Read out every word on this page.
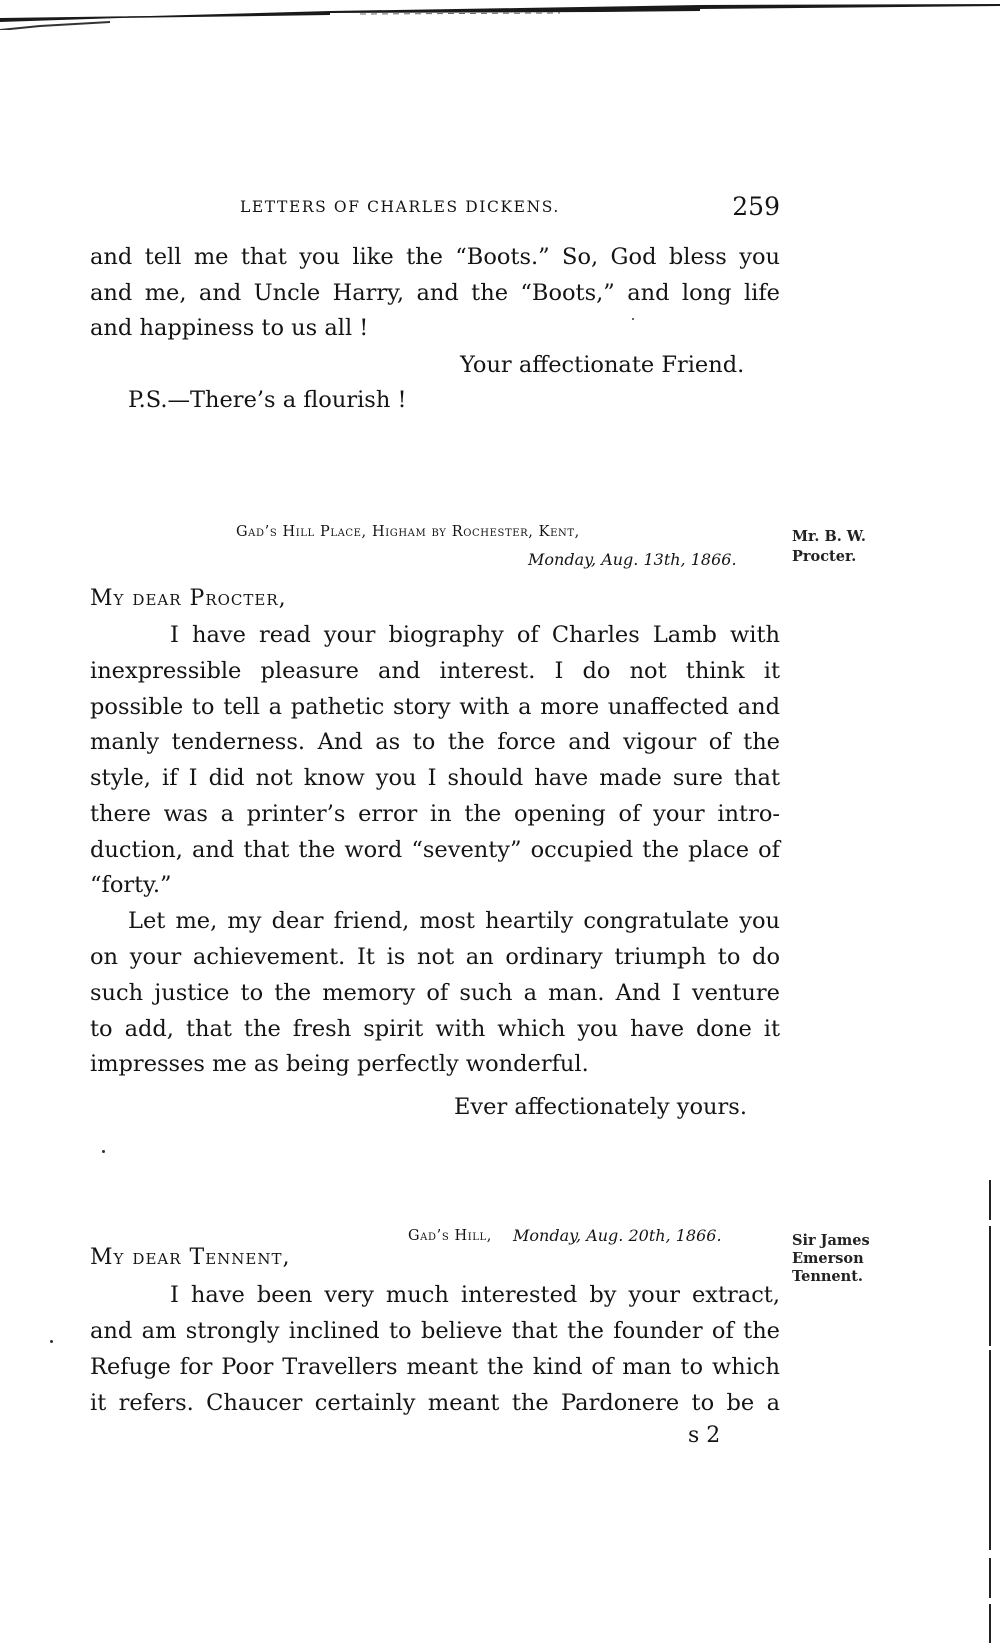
LETTERS OF CHARLES DICKENS.	259
and tell me that you like the “Boots.” So, God bless you
and me, and Uncle Harry, and the “Boots,” and long life
and happiness to us all !
Your affectionate Friend.
P.S.—There’s a flourish !
Gad’s Hill Place, Higham by Rochester, Kent,
Monday, Aug. 13th, 1866.
Mr. B. W.
Procter.
My dear Procter,
I have read your biography of Charles Lamb with
inexpressible pleasure and interest. I do not think it
possible to tell a pathetic story with a more unaffected and
manly tenderness. And as to the force and vigour of the
style, if I did not know you I should have made sure that
there was a printer’s error in the opening of your intro-
duction, and that the word “seventy” occupied the place of
“forty.”
Let me, my dear friend, most heartily congratulate you
on your achievement. It is not an ordinary triumph to do
such justice to the memory of such a man. And I venture
to add, that the fresh spirit with which you have done it
impresses me as being perfectly wonderful.
Ever affectionately yours.
Gad’s Hill, Monday, Aug. 20th, 1866.	Sir James
Emerson
Tennent.
My dear Tennent,
I have been very much interested by your extract,
and am strongly inclined to believe that the founder of the
Refuge for Poor Travellers meant the kind of man to which
it refers. Chaucer certainly meant the Pardonere to be a
s 2
